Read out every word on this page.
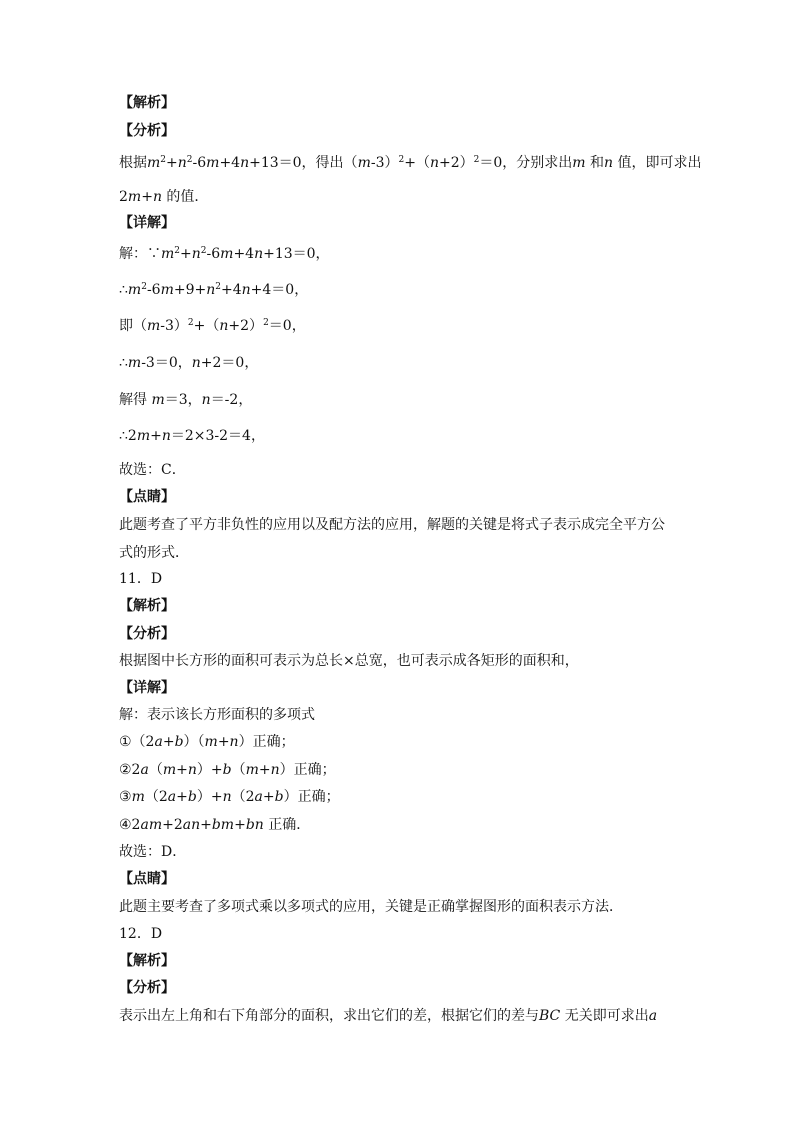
【解析】

【分析】

根据$m^2+n^2-6m+4n+13=0$，得出$(m-3)^2+(n+2)^2=0$，分别求出m 和n 值，即可求出

2m+n 的值．

【详解】

解：$\because m^2+n^2-6m+4n+13=0$，

$\therefore m^2-6m+9+n^2+4n+4=0$，

即$(m-3)^2+(n+2)^2=0$，

∴m-3＝0，n+2＝0，

解得 m＝3，n＝-2，

∴2m+n＝2×3-2＝4，

故选：C．

【点睛】

此题考查了平方非负性的应用以及配方法的应用，解题的关键是将式子表示成完全平方公

式的形式．

11．D

【解析】

【分析】

根据图中长方形的面积可表示为总长×总宽，也可表示成各矩形的面积和，

【详解】

解：表示该长方形面积的多项式

①（2a+b）（m+n）正确；

②2a（m+n）+b（m+n）正确；

③m（2a+b）+n（2a+b）正确；

④2am+2an+bm+bn 正确．

故选：D．

【点睛】

此题主要考查了多项式乘以多项式的应用，关键是正确掌握图形的面积表示方法．

12．D

【解析】

【分析】

表示出左上角和右下角部分的面积，求出它们的差，根据它们的差与BC 无关即可求出a
